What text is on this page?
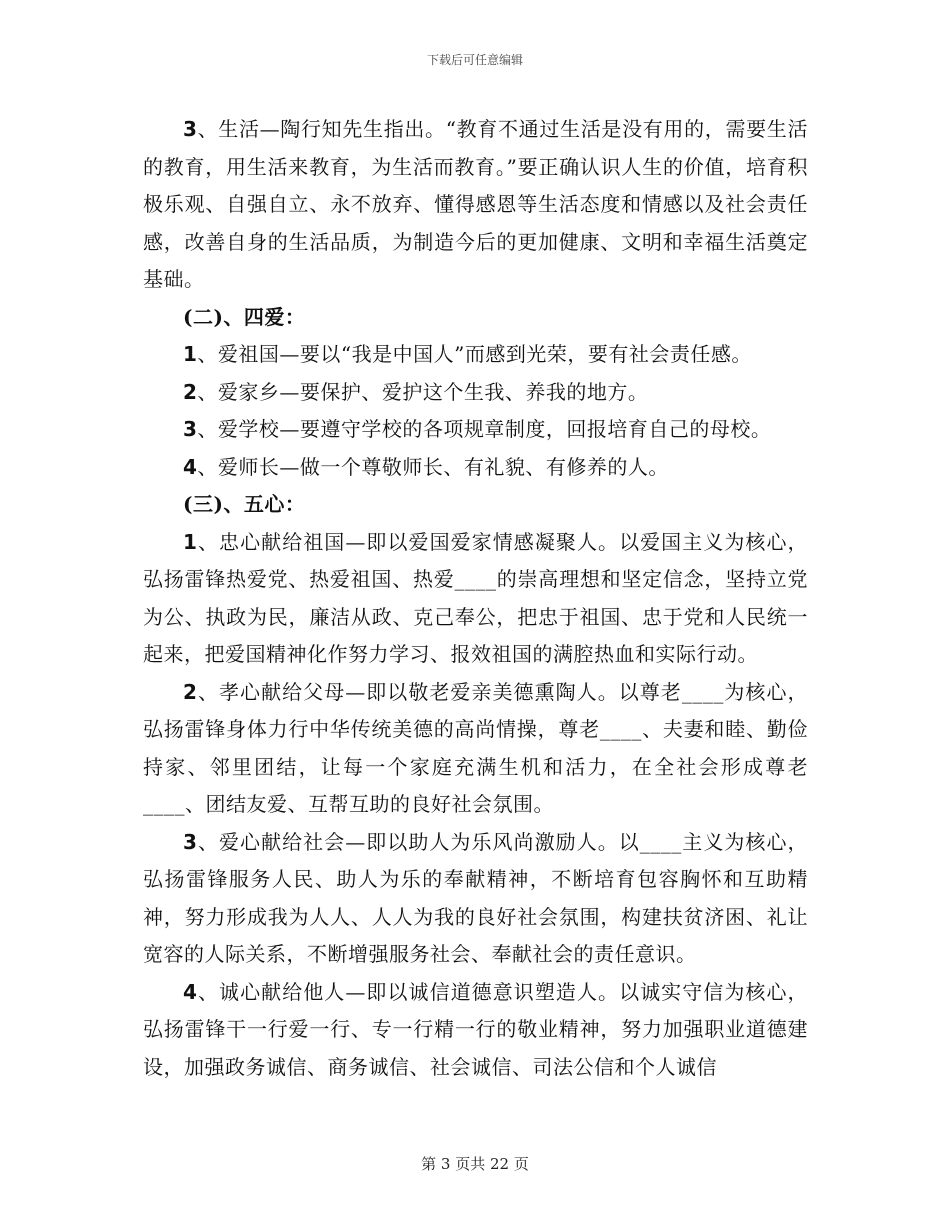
下载后可任意编辑

3、生活—陶行知先生指出。“教育不通过生活是没有用的，需要生活的教育，用生活来教育，为生活而教育。”要正确认识人生的价值，培育积极乐观、自强自立、永不放弃、懂得感恩等生活态度和情感以及社会责任感，改善自身的生活品质，为制造今后的更加健康、文明和幸福生活奠定基础。

(二)、四爱：

1、爱祖国—要以“我是中国人”而感到光荣，要有社会责任感。

2、爱家乡—要保护、爱护这个生我、养我的地方。

3、爱学校—要遵守学校的各项规章制度，回报培育自己的母校。

4、爱师长—做一个尊敬师长、有礼貌、有修养的人。

(三)、五心：

1、忠心献给祖国—即以爱国爱家情感凝聚人。以爱国主义为核心，弘扬雷锋热爱党、热爱祖国、热爱____的崇高理想和坚定信念，坚持立党为公、执政为民，廉洁从政、克己奉公，把忠于祖国、忠于党和人民统一起来，把爱国精神化作努力学习、报效祖国的满腔热血和实际行动。

2、孝心献给父母—即以敬老爱亲美德熏陶人。以尊老____为核心，弘扬雷锋身体力行中华传统美德的高尚情操，尊老____、夫妻和睦、勤俭持家、邻里团结，让每一个家庭充满生机和活力，在全社会形成尊老____、团结友爱、互帮互助的良好社会氛围。

3、爱心献给社会—即以助人为乐风尚激励人。以____主义为核心，弘扬雷锋服务人民、助人为乐的奉献精神，不断培育包容胸怀和互助精神，努力形成我为人人、人人为我的良好社会氛围，构建扶贫济困、礼让宽容的人际关系，不断增强服务社会、奉献社会的责任意识。

4、诚心献给他人—即以诚信道德意识塑造人。以诚实守信为核心，弘扬雷锋干一行爱一行、专一行精一行的敬业精神，努力加强职业道德建设，加强政务诚信、商务诚信、社会诚信、司法公信和个人诚信

第 3 页共 22 页
